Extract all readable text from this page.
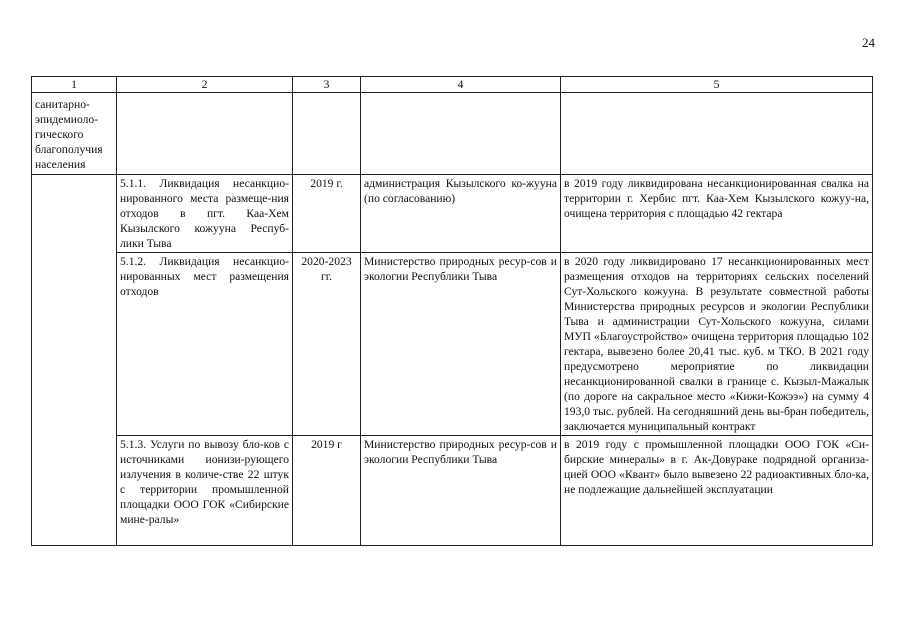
24
1	2	3	4	5
санитарно-эпидемиоло-гического благополучия населения				
	5.1.1. Ликвидация несанкцио-нированного места размеще-ния отходов в пгт. Каа-Хем Кызылского кожууна Респуб-лики Тыва	2019 г.	администрация Кызылского ко-жууна (по согласованию)	в 2019 году ликвидирована несанкционированная свалка на территории г. Хербис пгт. Каа-Хем Кызылского кожуу-на, очищена территория с площадью 42 гектара
	5.1.2. Ликвидация несанкцио-нированных мест размещения отходов	2020-2023 гг.	Министерство природных ресур-сов и экологии Республики Тыва	в 2020 году ликвидировано 17 несанкционированных мест размещения отходов на территориях сельских поселений Сут-Хольского кожууна. В результате совместной работы Министерства природных ресурсов и экологии Республики Тыва и администрации Сут-Хольского кожууна, силами МУП «Благоустройство» очищена территория площадью 102 гектара, вывезено более 20,41 тыс. куб. м ТКО. В 2021 году предусмотрено мероприятие по ликвидации несанкционированной свалки в границе с. Кызыл-Мажалык (по дороге на сакральное место «Кижи-Кожээ») на сумму 4 193,0 тыс. рублей. На сегодняшний день вы-бран победитель, заключается муниципальный контракт
	5.1.3. Услуги по вывозу бло-ков с источниками ионизи-рующего излучения в количе-стве 22 штук с территории промышленной площадки ООО ГОК «Сибирские мине-ралы»	2019 г	Министерство природных ресур-сов и экологии Республики Тыва	в 2019 году с промышленной площадки ООО ГОК «Си-бирские минералы» в г. Ак-Довураке подрядной организа-цией ООО «Квант» было вывезено 22 радиоактивных бло-ка, не подлежащие дальнейшей эксплуатации
